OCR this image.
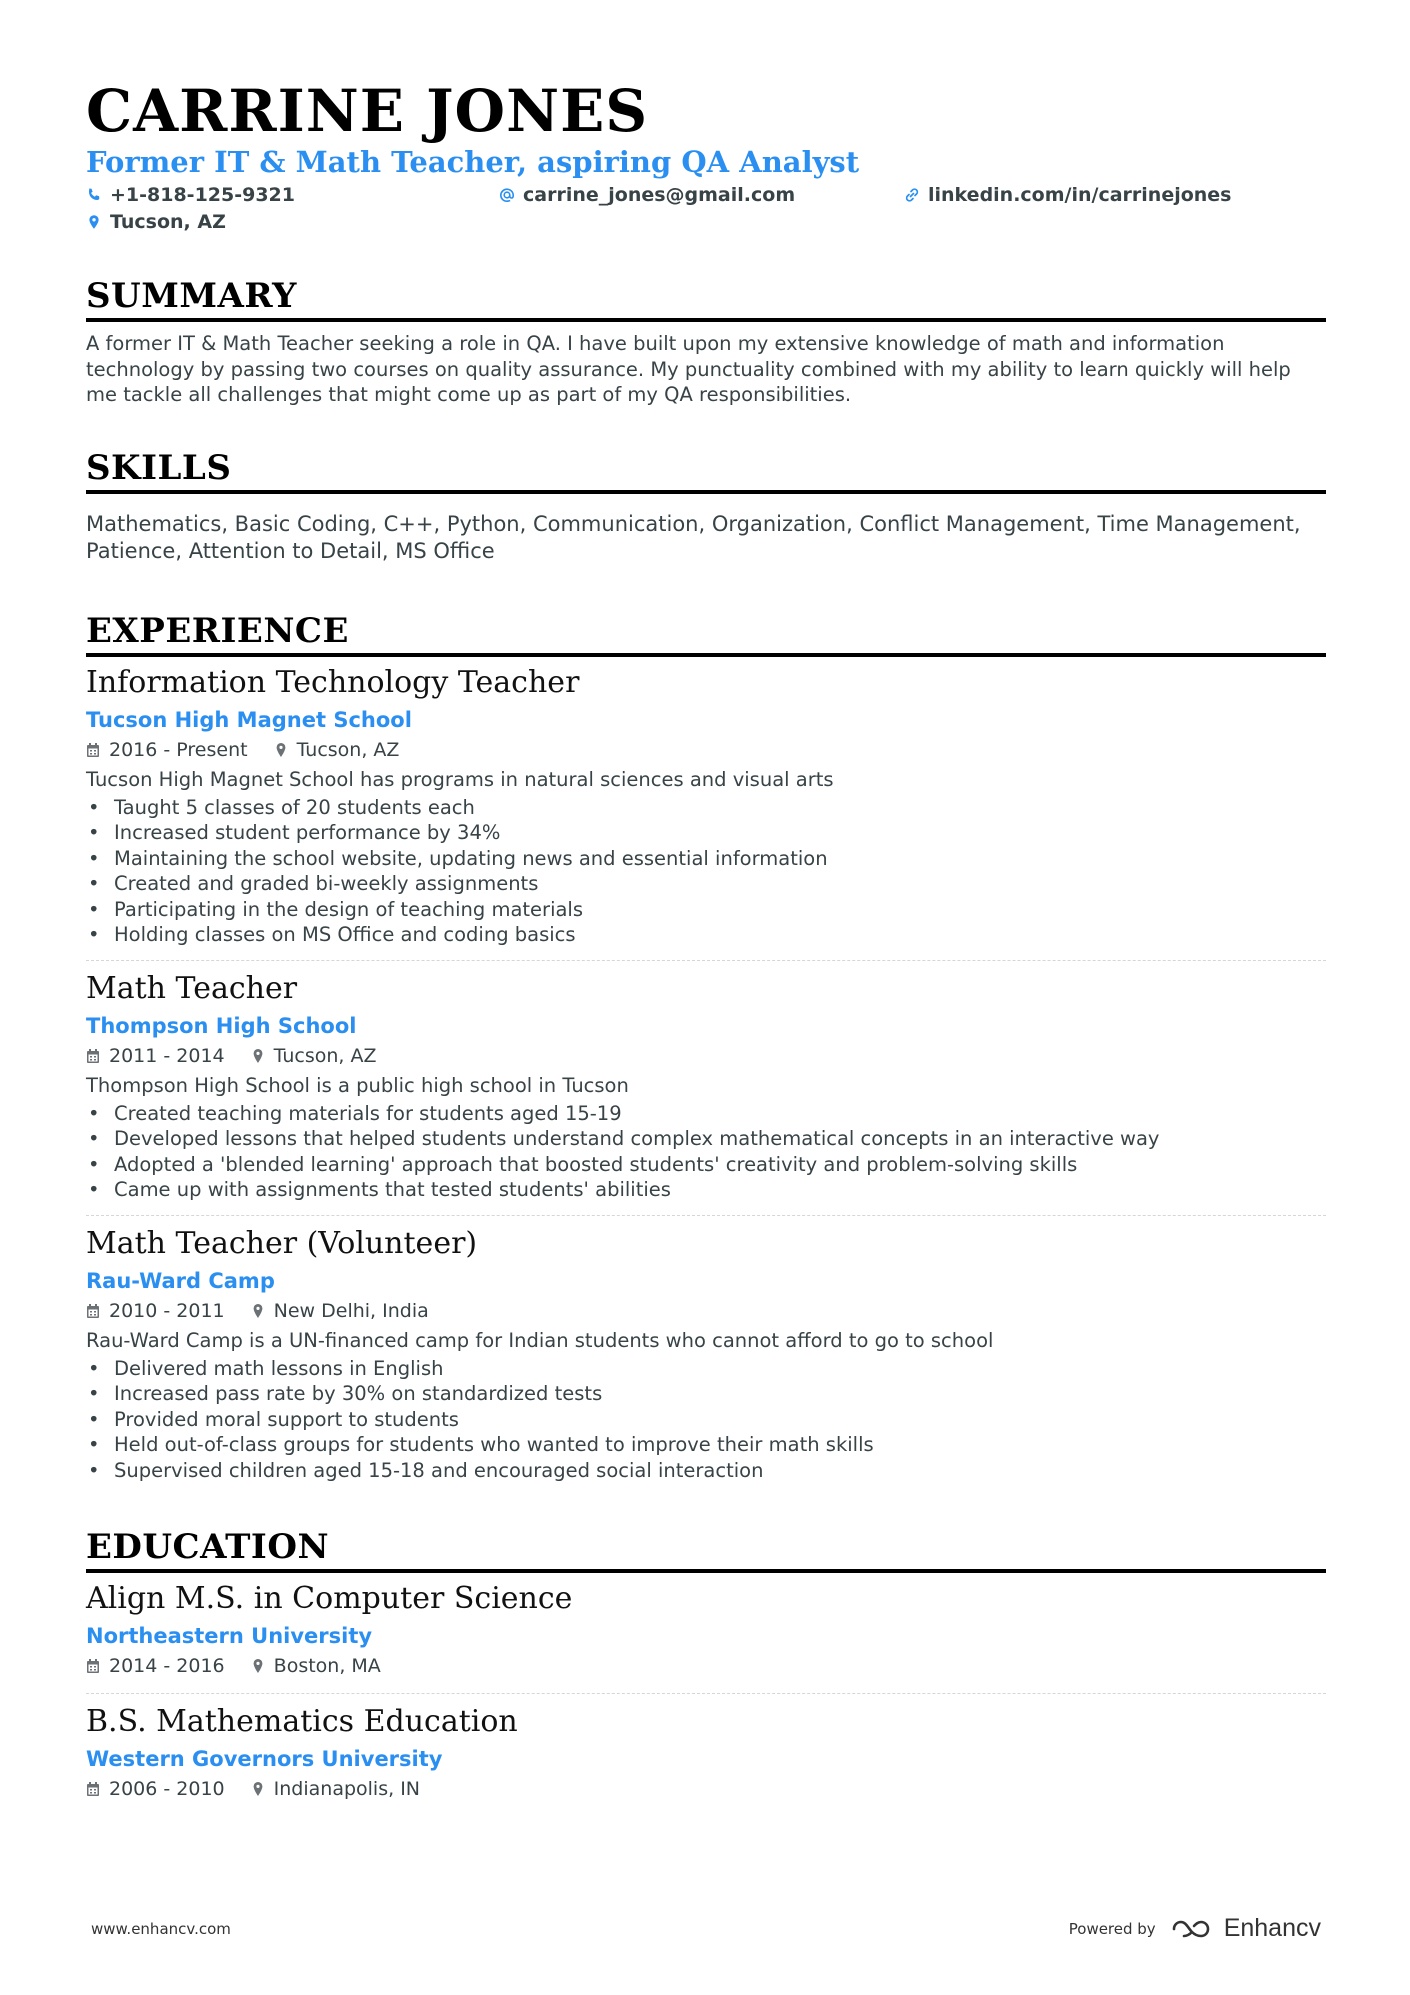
CARRINE JONES
Former IT & Math Teacher, aspiring QA Analyst
+1-818-125-9321	carrine_jones@gmail.com	linkedin.com/in/carrinejones
Tucson, AZ
SUMMARY

A former IT & Math Teacher seeking a role in QA. I have built upon my extensive knowledge of math and information technology by passing two courses on quality assurance. My punctuality combined with my ability to learn quickly will help me tackle all challenges that might come up as part of my QA responsibilities.

SKILLS

Mathematics, Basic Coding, C++, Python, Communication, Organization, Conflict Management, Time Management, Patience, Attention to Detail, MS Office

EXPERIENCE
Information Technology Teacher
Tucson High Magnet School
2016 - Present	Tucson, AZ

Tucson High Magnet School has programs in natural sciences and visual arts

• Taught 5 classes of 20 students each
• Increased student performance by 34%
• Maintaining the school website, updating news and essential information
• Created and graded bi-weekly assignments
• Participating in the design of teaching materials
• Holding classes on MS Office and coding basics
Math Teacher
Thompson High School
2011 - 2014	Tucson, AZ

Thompson High School is a public high school in Tucson

• Created teaching materials for students aged 15-19
• Developed lessons that helped students understand complex mathematical concepts in an interactive way
• Adopted a 'blended learning' approach that boosted students' creativity and problem-solving skills
• Came up with assignments that tested students' abilities
Math Teacher (Volunteer)
Rau-Ward Camp
2010 - 2011	New Delhi, India

Rau-Ward Camp is a UN-financed camp for Indian students who cannot afford to go to school

• Delivered math lessons in English
• Increased pass rate by 30% on standardized tests
• Provided moral support to students
• Held out-of-class groups for students who wanted to improve their math skills
• Supervised children aged 15-18 and encouraged social interaction
EDUCATION
Align M.S. in Computer Science
Northeastern University
2014 - 2016	Boston, MA
B.S. Mathematics Education
Western Governors University
2006 - 2010	Indianapolis, IN
www.enhancv.com	Powered by	Enhancv
